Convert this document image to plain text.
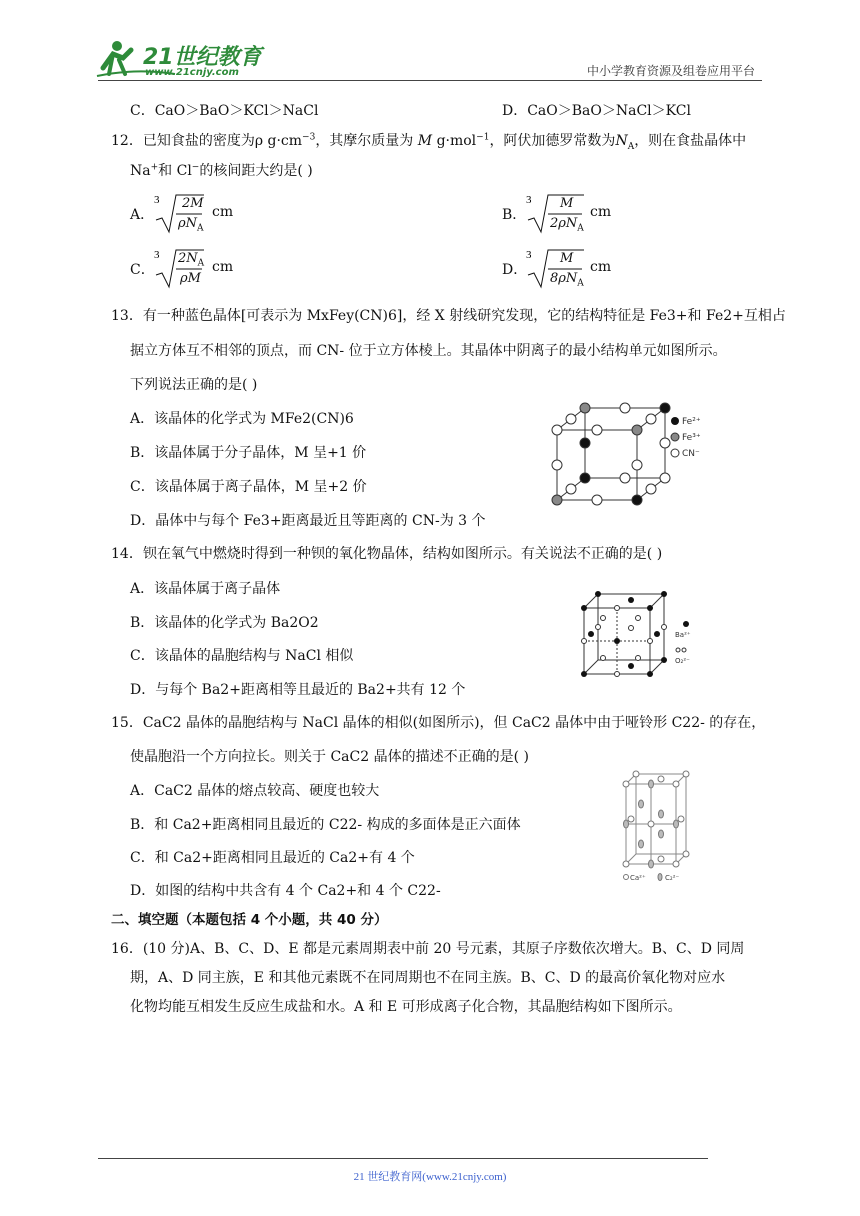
21世纪教育
www.21cnjy.com	中小学教育资源及组卷应用平台
C．CaO＞BaO＞KCl＞NaCl	D．CaO＞BaO＞NaCl＞KCl
12．已知食盐的密度为ρ $g\cdot cm^{-3}$，其摩尔质量为 M g·mol$^{-1}$，阿伏加德罗常数为$N_A$，则在食盐晶体中
Na+和 Cl−的核间距大约是( )
A．
3 2M
$\rho N_A$
cm	B．
3 M
$2\rho N_A$
cm
C．
3 $2N_A$
ρM
cm	D．
3 M
$8\rho N_A$
cm
13．有一种蓝色晶体[可表示为 MxFey(CN)6]，经 X 射线研究发现，它的结构特征是 Fe3+和 Fe2+互相占
据立方体互不相邻的顶点，而 CN- 位于立方体棱上。其晶体中阴离子的最小结构单元如图所示。
下列说法正确的是( )
A．该晶体的化学式为 MFe2(CN)6
B．该晶体属于分子晶体，M 呈+1 价
C．该晶体属于离子晶体，M 呈+2 价
D．晶体中与每个 Fe3+距离最近且等距离的 CN-为 3 个
Fe²⁺
Fe³⁺
CN⁻
14．钡在氧气中燃烧时得到一种钡的氧化物晶体，结构如图所示。有关说法不正确的是( )
A．该晶体属于离子晶体
B．该晶体的化学式为 Ba2O2
C．该晶体的晶胞结构与 NaCl 相似
D．与每个 Ba2+距离相等且最近的 Ba2+共有 12 个
Ba²⁺
O₂²⁻
15．CaC2 晶体的晶胞结构与 NaCl 晶体的相似(如图所示)，但 CaC2 晶体中由于哑铃形 C22- 的存在，
使晶胞沿一个方向拉长。则关于 CaC2 晶体的描述不正确的是( )
A．CaC2 晶体的熔点较高、硬度也较大
B．和 Ca2+距离相同且最近的 C22- 构成的多面体是正六面体
C．和 Ca2+距离相同且最近的 Ca2+有 4 个
D．如图的结构中共含有 4 个 Ca2+和 4 个 C22-
Ca²⁺	C₂²⁻
二、填空题（本题包括 4 个小题，共 40 分）
16．(10 分)A、B、C、D、E 都是元素周期表中前 20 号元素，其原子序数依次增大。B、C、D 同周
期，A、D 同主族，E 和其他元素既不在同周期也不在同主族。B、C、D 的最高价氧化物对应水
化物均能互相发生反应生成盐和水。A 和 E 可形成离子化合物，其晶胞结构如下图所示。
21 世纪教育网(www.21cnjy.com)
